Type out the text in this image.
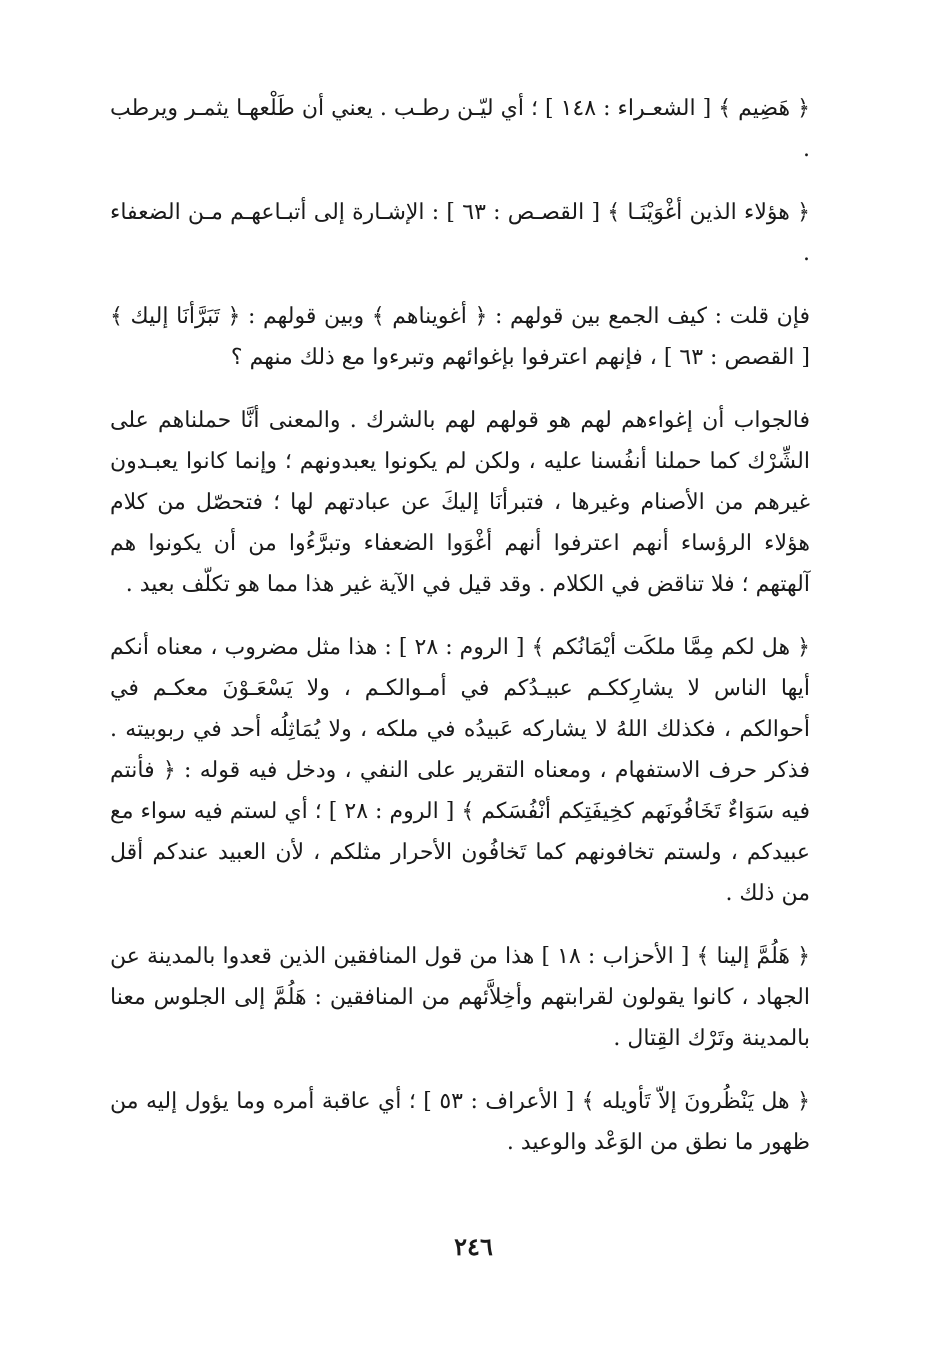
﴿ هَضِيم ﴾ [ الشعـراء : ١٤٨ ] ؛ أي ليّـن رطـب . يعني أن طَلْعهـا يثمـر ويرطب .

﴿ هؤلاء الذين أغْوَيْنَـا ﴾ [ القصـص : ٦٣ ] : الإشـارة إلى أتبـاعهـم مـن الضعفاء .

فإن قلت : كيف الجمع بين قولهم : ﴿ أغويناهم ﴾ وبين قولهم : ﴿ تَبَرَّأنَا إليك ﴾ [ القصص : ٦٣ ] ، فإنهم اعترفوا بإغوائهم وتبرءوا مع ذلك منهم ؟

فالجواب أن إغواءهم لهم هو قولهم لهم بالشرك . والمعنى أنَّا حملناهم على الشِّرْك كما حملنا أنفُسنا عليه ، ولكن لم يكونوا يعبدونهم ؛ وإنما كانوا يعبـدون غيرهم من الأصنام وغيرها ، فتبرأنَا إليكَ عن عبادتهم لها ؛ فتحصّل من كلام هؤلاء الرؤساء أنهم اعترفوا أنهم أغْوَوا الضعفاء وتبرَّءُوا من أن يكونوا هم آلهتهم ؛ فلا تناقض في الكلام . وقد قيل في الآية غير هذا مما هو تكلّف بعيد .

﴿ هل لكم مِمَّا ملكَت أيْمَانُكم ﴾ [ الروم : ٢٨ ] : هذا مثل مضروب ، معناه أنكم أيها الناس لا يشارِككـم عبيـدُكم في أمـوالكـم ، ولا يَسْعَـوْنَ معكـم في أحوالكم ، فكذلك اللهُ لا يشاركه عَبيدُه في ملكه ، ولا يُمَاثِلُه أحد في ربوبيته . فذكر حرف الاستفهام ، ومعناه التقرير على النفي ، ودخل فيه قوله : ﴿ فأنتم فيه سَوَاءٌ تَخَافُونَهم كخِيفَتِكم أنْفُسَكم ﴾ [ الروم : ٢٨ ] ؛ أي لستم فيه سواء مع عبيدكم ، ولستم تخافونهم كما تَخافُون الأحرار مثلكم ، لأن العبيد عندكم أقل من ذلك .

﴿ هَلُمَّ إلينا ﴾ [ الأحزاب : ١٨ ] هذا من قول المنافقين الذين قعدوا بالمدينة عن الجهاد ، كانوا يقولون لقرابتهم وأخِلاَّئهم من المنافقين : هَلُمَّ إلى الجلوس معنا بالمدينة وتَرْك القِتال .

﴿ هل يَنْظُرونَ إلاّ تَأويله ﴾ [ الأعراف : ٥٣ ] ؛ أي عاقبة أمره وما يؤول إليه من ظهور ما نطق من الوَعْد والوعيد .

٢٤٦
